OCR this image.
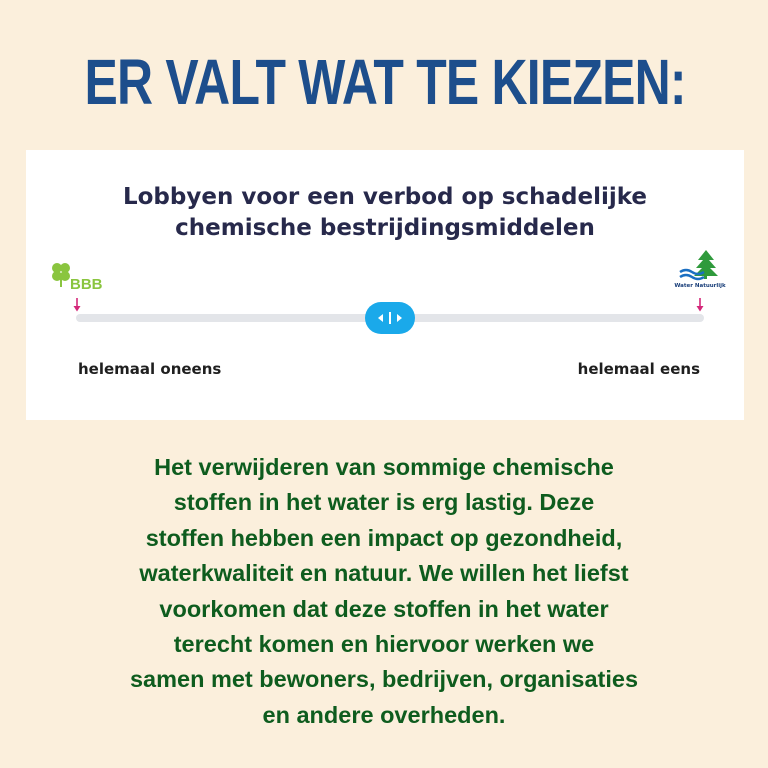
ER VALT WAT TE KIEZEN:
Lobbyen voor een verbod op schadelijke
chemische bestrijdingsmiddelen
BBB	Water Natuurlijk
helemaal oneens	helemaal eens
Het verwijderen van sommige chemische
stoffen in het water is erg lastig. Deze
stoffen hebben een impact op gezondheid,
waterkwaliteit en natuur. We willen het liefst
voorkomen dat deze stoffen in het water
terecht komen en hiervoor werken we
samen met bewoners, bedrijven, organisaties
en andere overheden.
